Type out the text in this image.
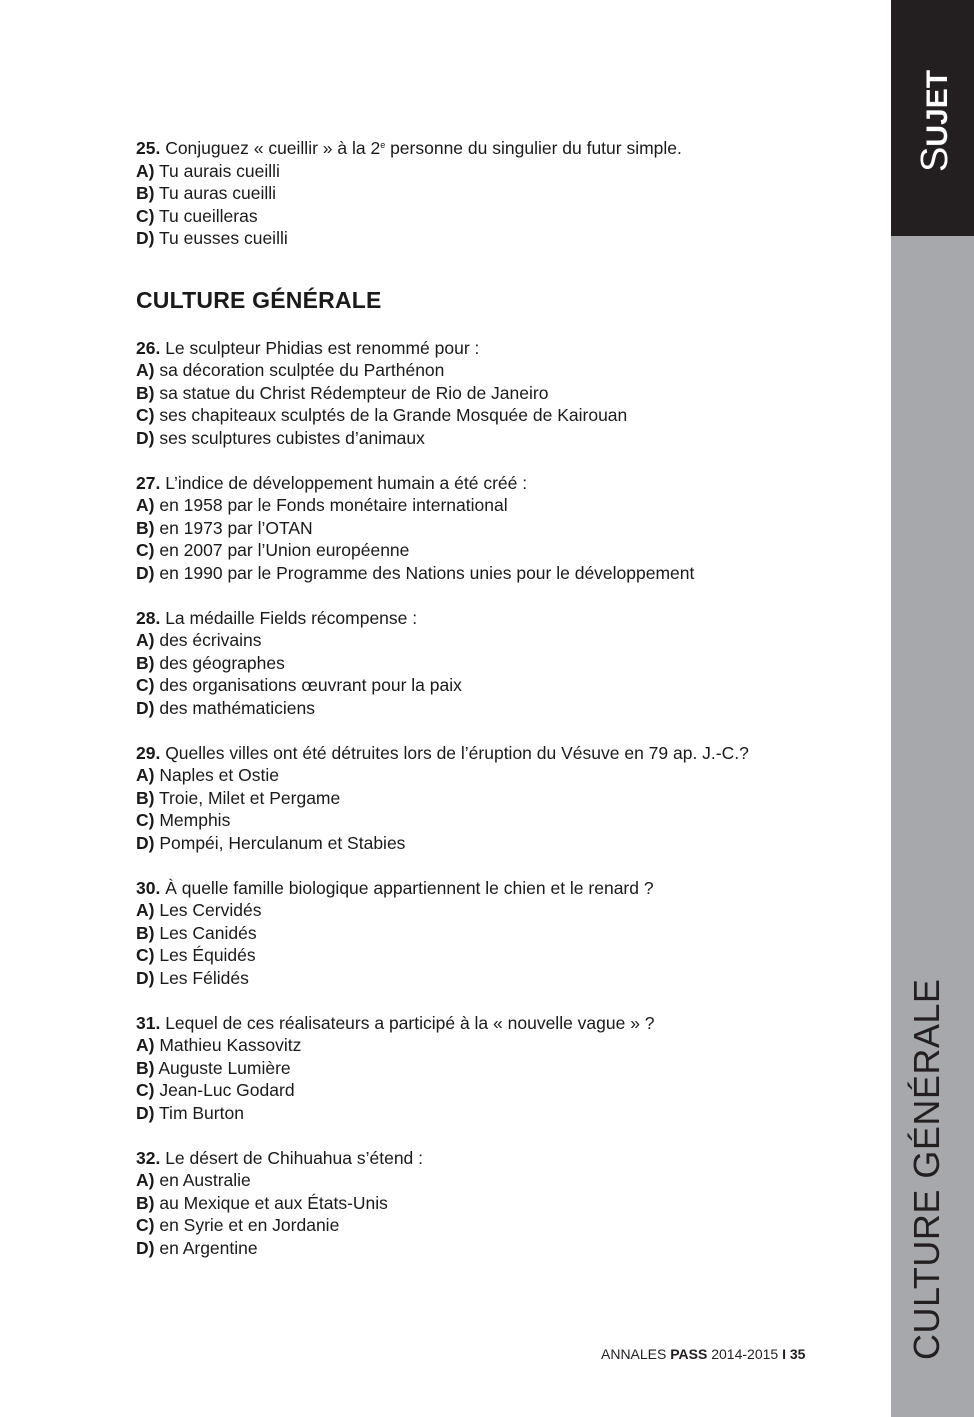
SUJET
CULTURE GÉNÉRALE
25. Conjuguez « cueillir » à la 2e personne du singulier du futur simple.
A) Tu aurais cueilli
B) Tu auras cueilli
C) Tu cueilleras
D) Tu eusses cueilli
CULTURE GÉNÉRALE
26. Le sculpteur Phidias est renommé pour :
A) sa décoration sculptée du Parthénon
B) sa statue du Christ Rédempteur de Rio de Janeiro
C) ses chapiteaux sculptés de la Grande Mosquée de Kairouan
D) ses sculptures cubistes d’animaux
27. L’indice de développement humain a été créé :
A) en 1958 par le Fonds monétaire international
B) en 1973 par l’OTAN
C) en 2007 par l’Union européenne
D) en 1990 par le Programme des Nations unies pour le développement
28. La médaille Fields récompense :
A) des écrivains
B) des géographes
C) des organisations œuvrant pour la paix
D) des mathématiciens
29. Quelles villes ont été détruites lors de l’éruption du Vésuve en 79 ap. J.-C.?
A) Naples et Ostie
B) Troie, Milet et Pergame
C) Memphis
D) Pompéi, Herculanum et Stabies
30. À quelle famille biologique appartiennent le chien et le renard ?
A) Les Cervidés
B) Les Canidés
C) Les Équidés
D) Les Félidés
31. Lequel de ces réalisateurs a participé à la « nouvelle vague » ?
A) Mathieu Kassovitz
B) Auguste Lumière
C) Jean-Luc Godard
D) Tim Burton
32. Le désert de Chihuahua s’étend :
A) en Australie
B) au Mexique et aux États-Unis
C) en Syrie et en Jordanie
D) en Argentine
ANNALES PASS 2014-2015 I 35
